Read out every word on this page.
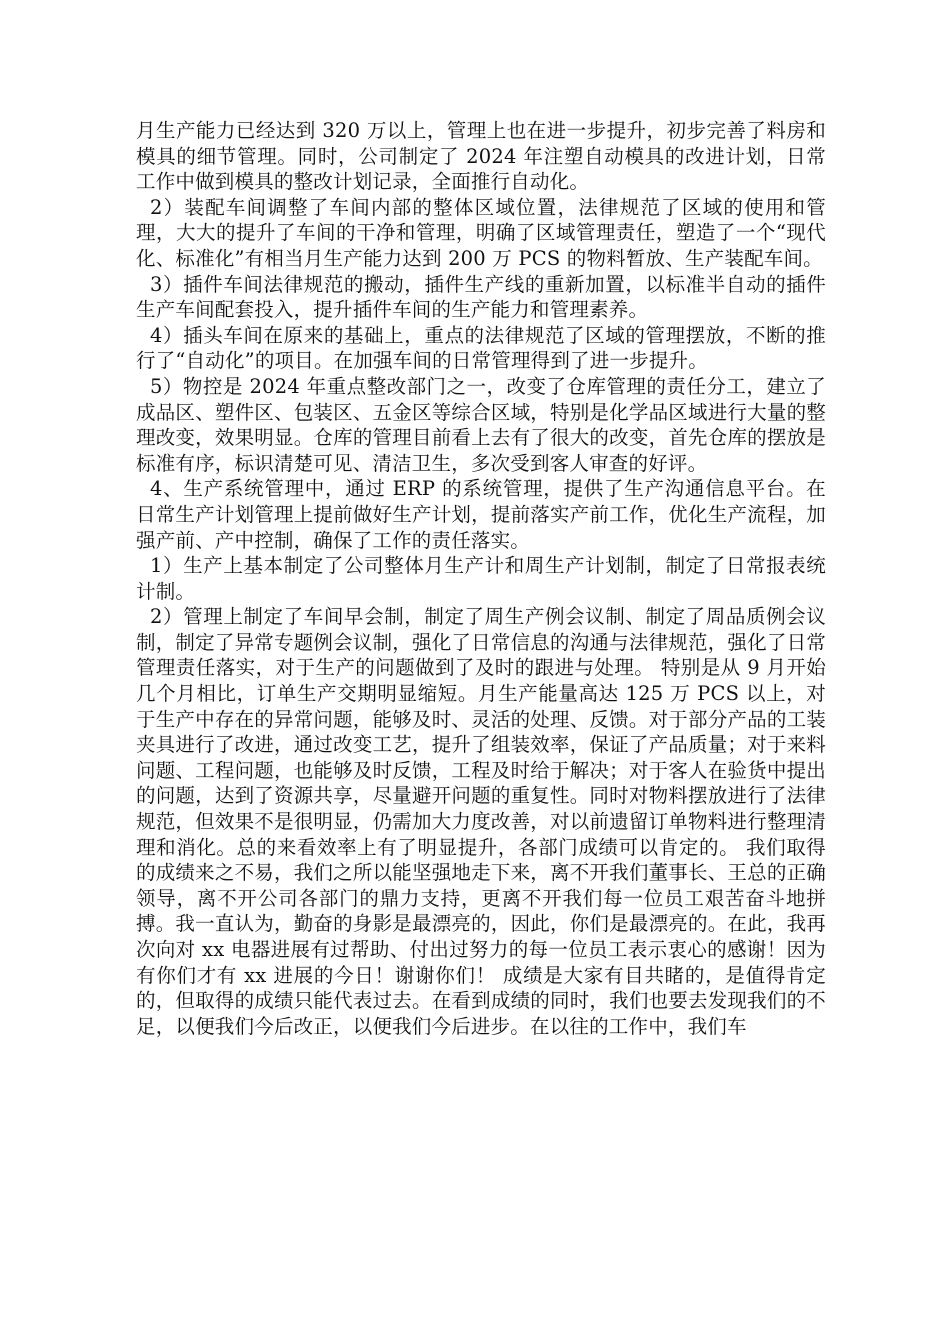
月生产能力已经达到 320 万以上，管理上也在进一步提升，初步完善了料房和模具的细节管理。同时，公司制定了 2024 年注塑自动模具的改进计划，日常工作中做到模具的整改计划记录，全面推行自动化。

2）装配车间调整了车间内部的整体区域位置，法律规范了区域的使用和管理，大大的提升了车间的干净和管理，明确了区域管理责任，塑造了一个“现代化、标准化”有相当月生产能力达到 200 万 PCS 的物料暂放、生产装配车间。

3）插件车间法律规范的搬动，插件生产线的重新加置，以标准半自动的插件生产车间配套投入，提升插件车间的生产能力和管理素养。

4）插头车间在原来的基础上，重点的法律规范了区域的管理摆放，不断的推行了“自动化”的项目。在加强车间的日常管理得到了进一步提升。

5）物控是 2024 年重点整改部门之一，改变了仓库管理的责任分工，建立了成品区、塑件区、包装区、五金区等综合区域，特别是化学品区域进行大量的整理改变，效果明显。仓库的管理目前看上去有了很大的改变，首先仓库的摆放是标准有序，标识清楚可见、清洁卫生，多次受到客人审查的好评。

4、生产系统管理中，通过 ERP 的系统管理，提供了生产沟通信息平台。在日常生产计划管理上提前做好生产计划，提前落实产前工作，优化生产流程，加强产前、产中控制，确保了工作的责任落实。

1）生产上基本制定了公司整体月生产计和周生产计划制，制定了日常报表统计制。

2）管理上制定了车间早会制，制定了周生产例会议制、制定了周品质例会议制，制定了异常专题例会议制，强化了日常信息的沟通与法律规范，强化了日常管理责任落实，对于生产的问题做到了及时的跟进与处理。 特别是从 9 月开始几个月相比，订单生产交期明显缩短。月生产能量高达 125 万 PCS 以上，对于生产中存在的异常问题，能够及时、灵活的处理、反馈。对于部分产品的工装夹具进行了改进，通过改变工艺，提升了组装效率，保证了产品质量；对于来料问题、工程问题，也能够及时反馈，工程及时给于解决；对于客人在验货中提出的问题，达到了资源共享，尽量避开问题的重复性。同时对物料摆放进行了法律规范，但效果不是很明显，仍需加大力度改善，对以前遗留订单物料进行整理清理和消化。总的来看效率上有了明显提升，各部门成绩可以肯定的。 我们取得的成绩来之不易，我们之所以能坚强地走下来，离不开我们董事长、王总的正确领导，离不开公司各部门的鼎力支持，更离不开我们每一位员工艰苦奋斗地拼搏。我一直认为，勤奋的身影是最漂亮的，因此，你们是最漂亮的。在此，我再次向对 xx 电器进展有过帮助、付出过努力的每一位员工表示衷心的感谢！因为有你们才有 xx 进展的今日！谢谢你们！ 成绩是大家有目共睹的，是值得肯定的，但取得的成绩只能代表过去。在看到成绩的同时，我们也要去发现我们的不足，以便我们今后改正，以便我们今后进步。在以往的工作中，我们车
